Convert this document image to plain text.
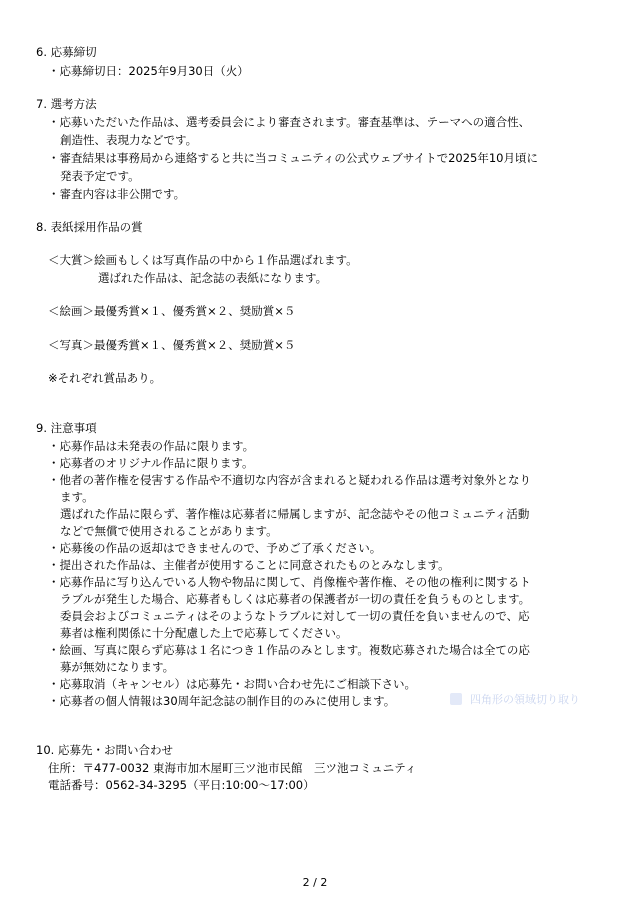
6. 応募締切
・応募締切日：2025年9月30日（火）
7. 選考方法
・応募いただいた作品は、選考委員会により審査されます。審査基準は、テーマへの適合性、
創造性、表現力などです。
・審査結果は事務局から連絡すると共に当コミュニティの公式ウェブサイトで2025年10月頃に
発表予定です。
・審査内容は非公開です。
8. 表紙採用作品の賞
＜大賞＞絵画もしくは写真作品の中から１作品選ばれます。
選ばれた作品は、記念誌の表紙になります。
＜絵画＞最優秀賞×１、優秀賞×２、奨励賞×５
＜写真＞最優秀賞×１、優秀賞×２、奨励賞×５
※それぞれ賞品あり。
9. 注意事項
・応募作品は未発表の作品に限ります。
・応募者のオリジナル作品に限ります。
・他者の著作権を侵害する作品や不適切な内容が含まれると疑われる作品は選考対象外となり
ます。
選ばれた作品に限らず、著作権は応募者に帰属しますが、記念誌やその他コミュニティ活動
などで無償で使用されることがあります。
・応募後の作品の返却はできませんので、予めご了承ください。
・提出された作品は、主催者が使用することに同意されたものとみなします。
・応募作品に写り込んでいる人物や物品に関して、肖像権や著作権、その他の権利に関するト
ラブルが発生した場合、応募者もしくは応募者の保護者が一切の責任を負うものとします。
委員会およびコミュニティはそのようなトラブルに対して一切の責任を負いませんので、応
募者は権利関係に十分配慮した上で応募してください。
・絵画、写真に限らず応募は１名につき１作品のみとします。複数応募された場合は全ての応
募が無効になります。
・応募取消（キャンセル）は応募先・お問い合わせ先にご相談下さい。
・応募者の個人情報は30周年記念誌の制作目的のみに使用します。	四角形の領域切り取り
10. 応募先・お問い合わせ
住所：〒477-0032 東海市加木屋町三ツ池市民館　三ツ池コミュニティ
電話番号：0562-34-3295（平日:10:00～17:00）
2 / 2
